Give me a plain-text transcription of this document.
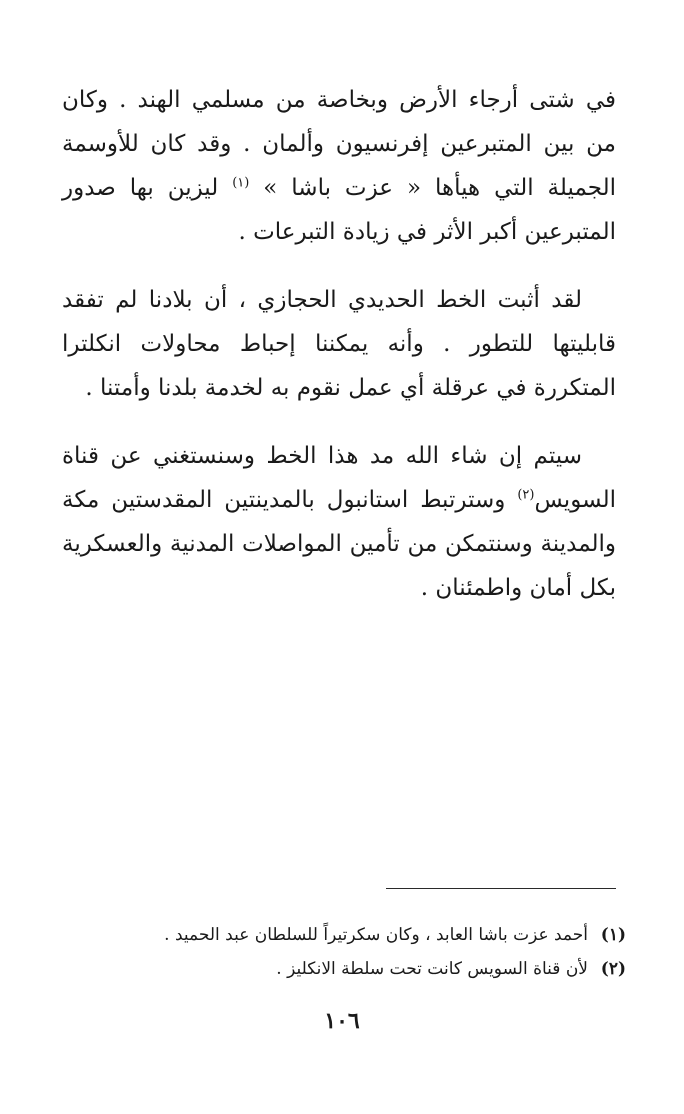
في شتى أرجاء الأرض وبخاصة من مسلمي الهند . وكان من بين المتبرعين إفرنسيون وألمان . وقد كان للأوسمة الجميلة التي هيأها « عزت باشا » $^{(١)}$ ليزين بها صدور المتبرعين أكبر الأثر في زيادة التبرعات .

لقد أثبت الخط الحديدي الحجازي ، أن بلادنا لم تفقد قابليتها للتطور . وأنه يمكننا إحباط محاولات انكلترا المتكررة في عرقلة أي عمل نقوم به لخدمة بلدنا وأمتنا .

سيتم إن شاء الله مد هذا الخط وسنستغني عن قناة السويس$^{(٢)}$ وسترتبط استانبول بالمدينتين المقدستين مكة والمدينة وسنتمكن من تأمين المواصلات المدنية والعسكرية بكل أمان واطمئنان .

(١)أحمد عزت باشا العابد ، وكان سكرتيراً للسلطان عبد الحميد .

(٢)لأن قناة السويس كانت تحت سلطة الانكليز .

١٠٦
